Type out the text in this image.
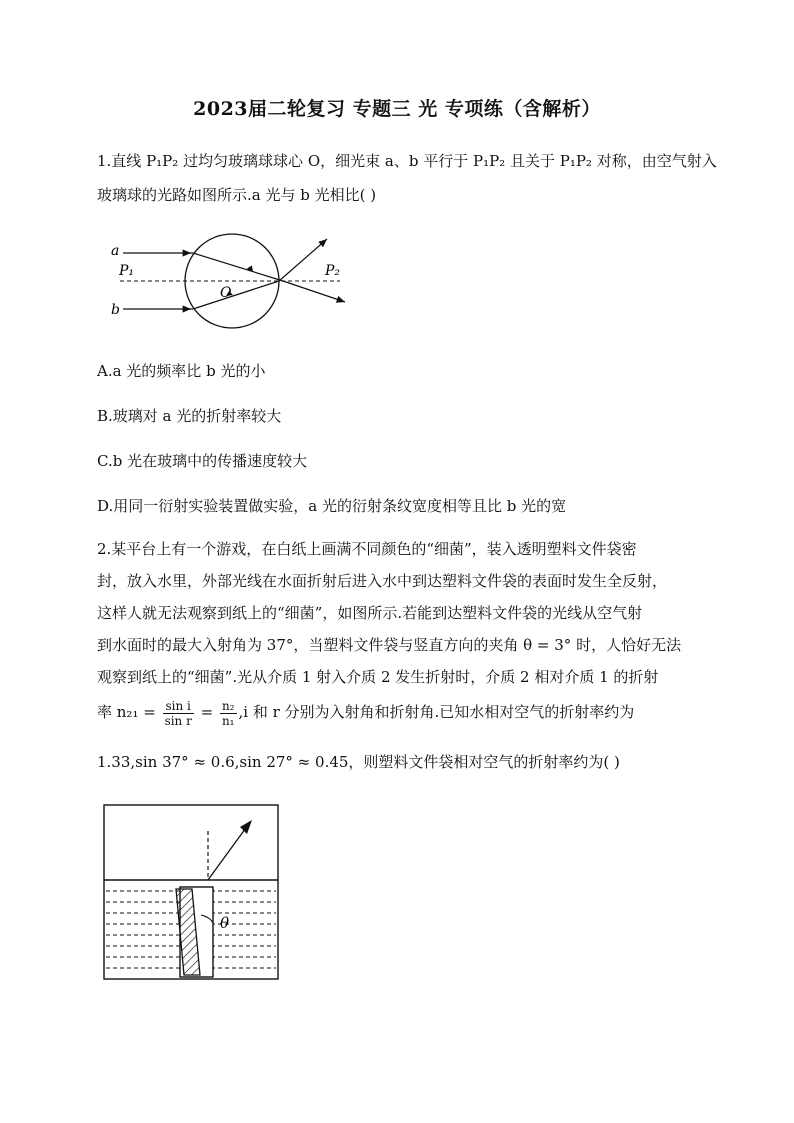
2023届二轮复习 专题三 光 专项练（含解析）
1.直线 P₁P₂ 过均匀玻璃球球心 O，细光束 a、b 平行于 P₁P₂ 且关于 P₁P₂ 对称，由空气射入
玻璃球的光路如图所示.a 光与 b 光相比( )
a
b
P₁	P₂
O
A.a 光的频率比 b 光的小
B.玻璃对 a 光的折射率较大
C.b 光在玻璃中的传播速度较大
D.用同一衍射实验装置做实验，a 光的衍射条纹宽度相等且比 b 光的宽
2.某平台上有一个游戏，在白纸上画满不同颜色的“细菌”，装入透明塑料文件袋密
封，放入水里，外部光线在水面折射后进入水中到达塑料文件袋的表面时发生全反射，
这样人就无法观察到纸上的“细菌”，如图所示.若能到达塑料文件袋的光线从空气射
到水面时的最大入射角为 37°，当塑料文件袋与竖直方向的夹角 θ = 3° 时，人恰好无法
观察到纸上的“细菌”.光从介质 1 射入介质 2 发生折射时，介质 2 相对介质 1 的折射
率 $n_{21} = \frac{\text{sin i}}{\text{sin r}} = \frac{\text{n₂}}{\text{n₁}} ,i$ 和 r 分别为入射角和折射角.已知水相对空气的折射率约为
1.33,sin 37° ≈ 0.6,sin 27° ≈ 0.45，则塑料文件袋相对空气的折射率约为( )
θ
